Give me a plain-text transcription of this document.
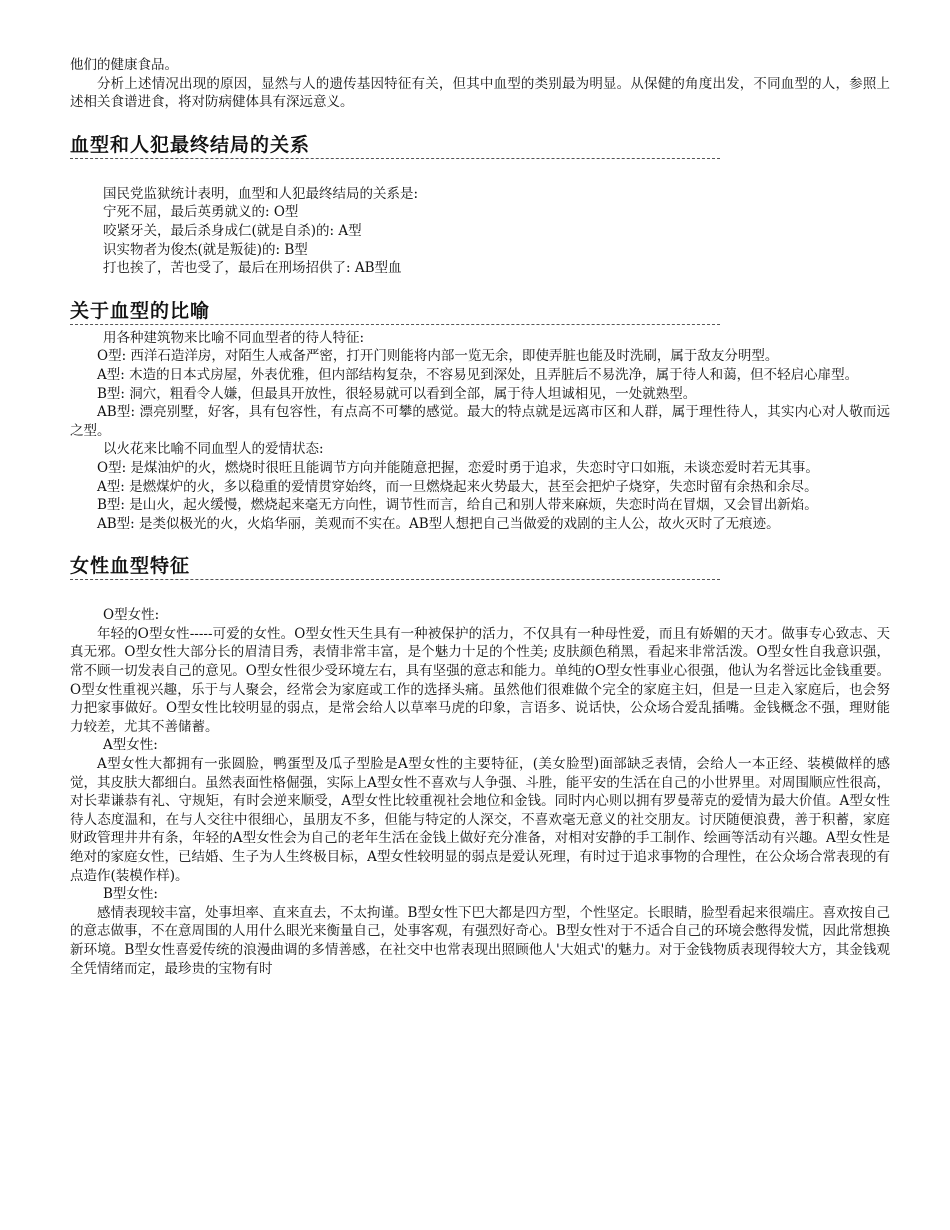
他们的健康食品。

分析上述情况出现的原因，显然与人的遗传基因特征有关，但其中血型的类别最为明显。从保健的角度出发，不同血型的人，参照上述相关食谱进食，将对防病健体具有深远意义。

血型和人犯最终结局的关系

国民党监狱统计表明，血型和人犯最终结局的关系是:

宁死不屈，最后英勇就义的: O型

咬紧牙关，最后杀身成仁(就是自杀)的: A型

识实物者为俊杰(就是叛徒)的: B型

打也挨了，苦也受了，最后在刑场招供了: AB型血

关于血型的比喻

用各种建筑物来比喻不同血型者的待人特征:

O型: 西洋石造洋房，对陌生人戒备严密，打开门则能将内部一览无余，即使弄脏也能及时洗刷，属于敌友分明型。

A型: 木造的日本式房屋，外表优雅，但内部结构复杂，不容易见到深处，且弄脏后不易洗净，属于待人和蔼，但不轻启心扉型。

B型: 洞穴，粗看令人嫌，但最具开放性，很轻易就可以看到全部，属于待人坦诚相见，一处就熟型。

AB型: 漂亮别墅，好客，具有包容性，有点高不可攀的感觉。最大的特点就是远离市区和人群，属于理性待人，其实内心对人敬而远之型。

以火花来比喻不同血型人的爱情状态:

O型: 是煤油炉的火，燃烧时很旺且能调节方向并能随意把握，恋爱时勇于追求，失恋时守口如瓶，未谈恋爱时若无其事。

A型: 是燃煤炉的火，多以稳重的爱情贯穿始终，而一旦燃烧起来火势最大，甚至会把炉子烧穿，失恋时留有余热和余尽。

B型: 是山火，起火缓慢，燃烧起来毫无方向性，调节性而言，给自己和别人带来麻烦，失恋时尚在冒烟，又会冒出新焰。

AB型: 是类似极光的火，火焰华丽，美观而不实在。AB型人想把自己当做爱的戏剧的主人公，故火灭时了无痕迹。

女性血型特征

O型女性:

年轻的O型女性-----可爱的女性。O型女性天生具有一种被保护的活力，不仅具有一种母性爱，而且有娇媚的天才。做事专心致志、天真无邪。O型女性大部分长的眉清目秀，表情非常丰富，是个魅力十足的个性美; 皮肤颜色稍黑，看起来非常活泼。O型女性自我意识强，常不顾一切发表自己的意见。O型女性很少受环境左右，具有坚强的意志和能力。单纯的O型女性事业心很强，他认为名誉远比金钱重要。O型女性重视兴趣，乐于与人聚会，经常会为家庭或工作的选择头痛。虽然他们很难做个完全的家庭主妇，但是一旦走入家庭后，也会努力把家事做好。O型女性比较明显的弱点，是常会给人以草率马虎的印象，言语多、说话快，公众场合爱乱插嘴。金钱概念不强，理财能力较差，尤其不善储蓄。

A型女性:

A型女性大都拥有一张圆脸，鸭蛋型及瓜子型脸是A型女性的主要特征，(美女脸型)面部缺乏表情，会给人一本正经、装模做样的感觉，其皮肤大都细白。虽然表面性格倔强，实际上A型女性不喜欢与人争强、斗胜，能平安的生活在自己的小世界里。对周围顺应性很高，对长辈谦恭有礼、守规矩，有时会逆来顺受，A型女性比较重视社会地位和金钱。同时内心则以拥有罗曼蒂克的爱情为最大价值。A型女性待人态度温和，在与人交往中很细心，虽朋友不多，但能与特定的人深交，不喜欢毫无意义的社交朋友。讨厌随便浪费，善于积蓄，家庭财政管理井井有条，年轻的A型女性会为自己的老年生活在金钱上做好充分准备，对相对安静的手工制作、绘画等活动有兴趣。A型女性是绝对的家庭女性，已结婚、生子为人生终极目标，A型女性较明显的弱点是爱认死理，有时过于追求事物的合理性，在公众场合常表现的有点造作(装模作样)。

B型女性:

感情表现较丰富，处事坦率、直来直去，不太拘谨。B型女性下巴大都是四方型，个性坚定。长眼睛，脸型看起来很端庄。喜欢按自己的意志做事，不在意周围的人用什么眼光来衡量自己，处事客观，有强烈好奇心。B型女性对于不适合自己的环境会憋得发慌，因此常想换新环境。B型女性喜爱传统的浪漫曲调的多情善感，在社交中也常表现出照顾他人'大姐式'的魅力。对于金钱物质表现得较大方，其金钱观全凭情绪而定，最珍贵的宝物有时
